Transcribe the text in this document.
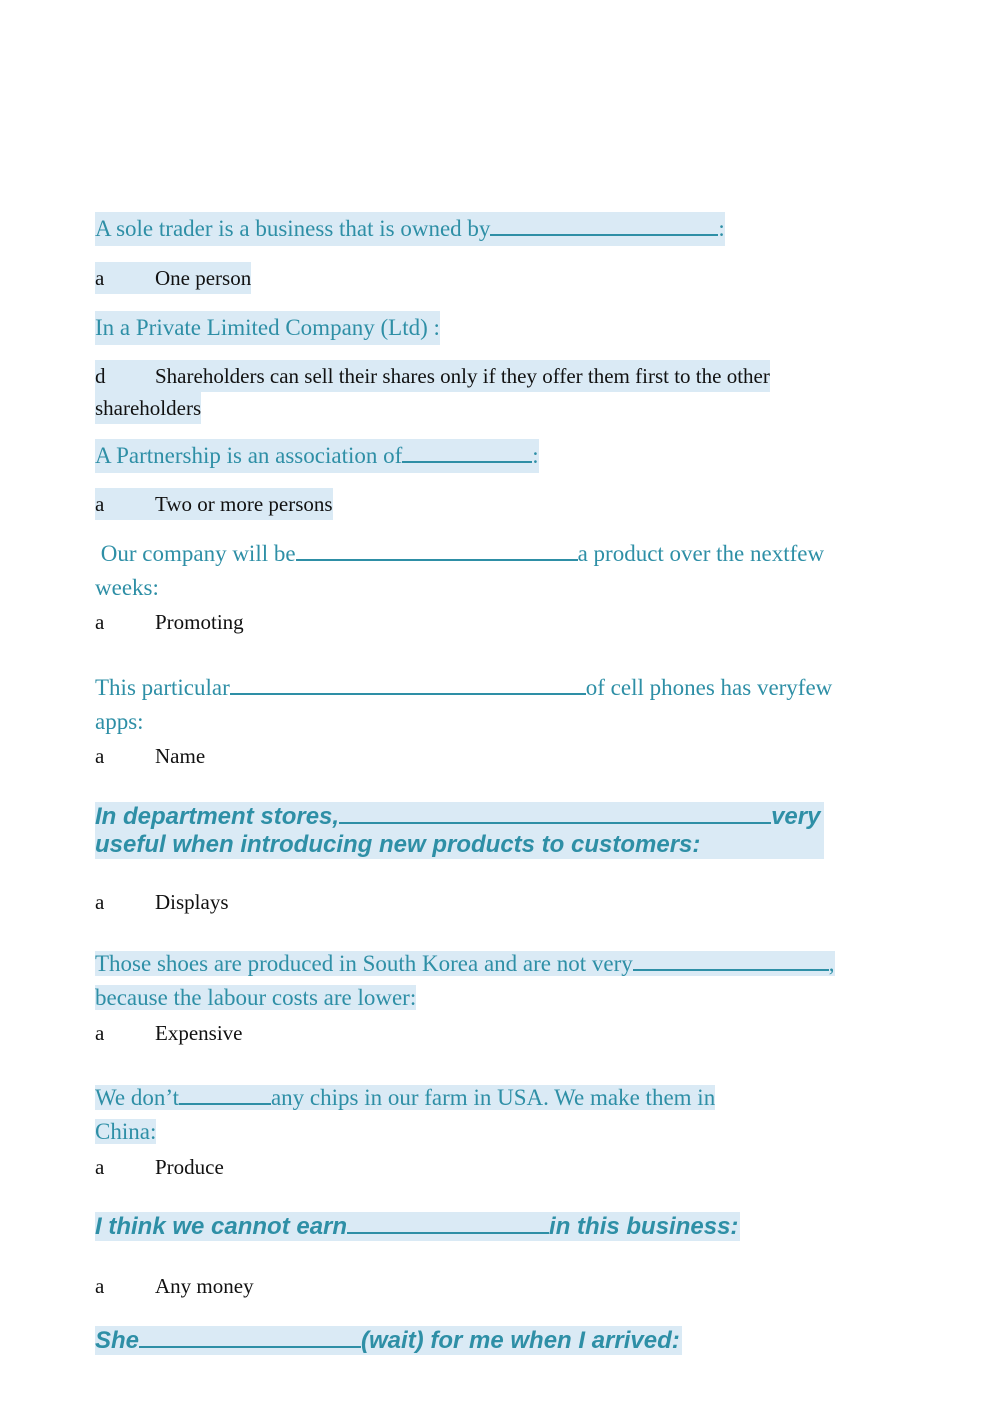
A sole trader is a business that is owned by	:
a One person
In a Private Limited Company (Ltd) :
d Shareholders can sell their shares only if they offer them first to the other
shareholders
A Partnership is an association of	:
a Two or more persons
Our company will be	a product over the nextfew
weeks:
a Promoting
This particular	of cell phones has veryfew
apps:
a Name
In department stores,	very
useful when introducing new products to customers:
a Displays
Those shoes are produced in South Korea and are not very	,
because the labour costs are lower:
a Expensive
We don’t	any chips in our farm in USA. We make them in
China:
a Produce
I think we cannot earn	in this business:
a Any money
She	(wait) for me when I arrived:
